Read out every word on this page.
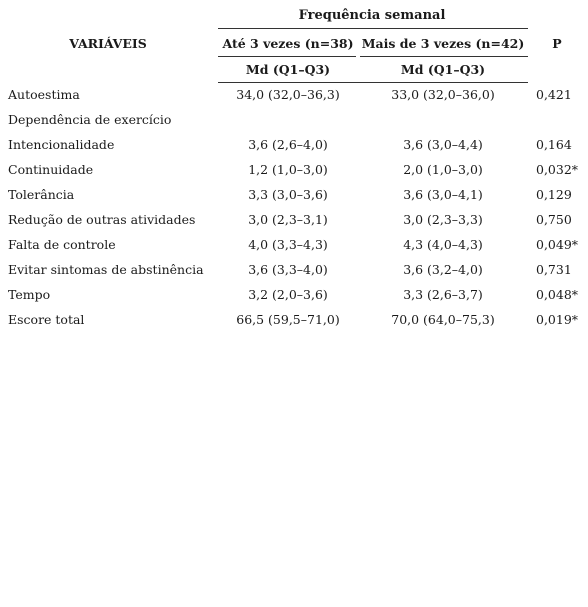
Frequência semanal
VARIÁVEIS	Até 3 vezes (n=38) Mais de 3 vezes (n=42)	P
Md (Q1–Q3)	Md (Q1–Q3)
Autoestima	34,0 (32,0–36,3)	33,0 (32,0–36,0)	0,421
Dependência de exercício
Intencionalidade	3,6 (2,6–4,0)	3,6 (3,0–4,4)	0,164
Continuidade	1,2 (1,0–3,0)	2,0 (1,0–3,0)	0,032*
Tolerância	3,3 (3,0–3,6)	3,6 (3,0–4,1)	0,129
Redução de outras atividades	3,0 (2,3–3,1)	3,0 (2,3–3,3)	0,750
Falta de controle	4,0 (3,3–4,3)	4,3 (4,0–4,3)	0,049*
Evitar sintomas de abstinência	3,6 (3,3–4,0)	3,6 (3,2–4,0)	0,731
Tempo	3,2 (2,0–3,6)	3,3 (2,6–3,7)	0,048*
Escore total	66,5 (59,5–71,0)	70,0 (64,0–75,3)	0,019*
